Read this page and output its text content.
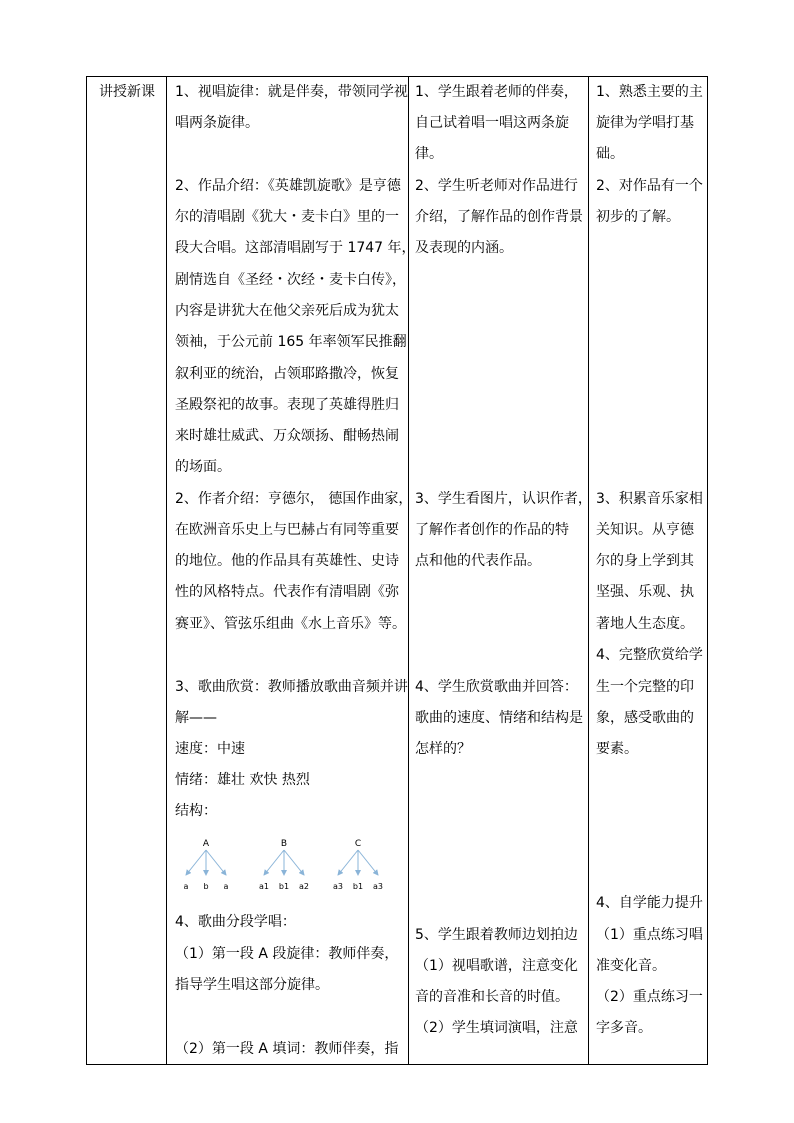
讲授新课 1、视唱旋律：就是伴奏，带领同学视
唱两条旋律。
2、作品介绍：《英雄凯旋歌》是亨德
尔的清唱剧《犹大・麦卡白》里的一
段大合唱。这部清唱剧写于 1747 年，
剧情选自《圣经・次经・麦卡白传》，
内容是讲犹大在他父亲死后成为犹太
领袖，于公元前 165 年率领军民推翻
叙利亚的统治，占领耶路撒冷，恢复
圣殿祭祀的故事。表现了英雄得胜归
来时雄壮威武、万众颂扬、酣畅热闹
的场面。
2、作者介绍：亨德尔， 德国作曲家，
在欧洲音乐史上与巴赫占有同等重要
的地位。他的作品具有英雄性、史诗
性的风格特点。代表作有清唱剧《弥
赛亚》、管弦乐组曲《水上音乐》等。
3、歌曲欣赏：教师播放歌曲音频并讲
解——
速度：中速
情绪：雄壮 欢快 热烈
结构：
A
a b a
B
a1 b1 a2
C
a3 b1 a3
4、歌曲分段学唱：
（1）第一段 A 段旋律：教师伴奏，
指导学生唱这部分旋律。
（2）第一段 A 填词：教师伴奏，指
1、学生跟着老师的伴奏，
自己试着唱一唱这两条旋
律。
2、学生听老师对作品进行
介绍，了解作品的创作背景
及表现的内涵。
3、学生看图片，认识作者，
了解作者创作的作品的特
点和他的代表作品。
4、学生欣赏歌曲并回答：
歌曲的速度、情绪和结构是
怎样的？
5、学生跟着教师边划拍边
（1）视唱歌谱，注意变化
音的音准和长音的时值。
（2）学生填词演唱，注意
1、熟悉主要的主
旋律为学唱打基
础。
2、对作品有一个
初步的了解。
3、积累音乐家相
关知识。从亨德
尔的身上学到其
坚强、乐观、执
著地人生态度。
4、完整欣赏给学
生一个完整的印
象，感受歌曲的
要素。
4、自学能力提升
（1）重点练习唱
准变化音。
（2）重点练习一
字多音。
